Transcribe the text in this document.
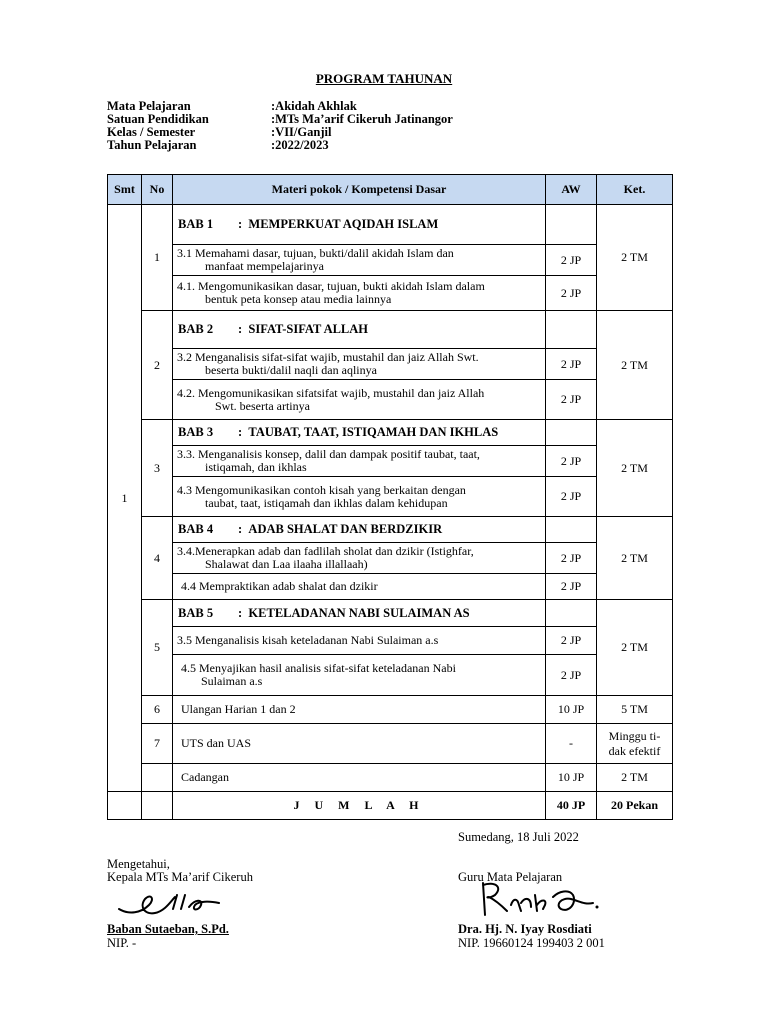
PROGRAM TAHUNAN
Mata Pelajaran	:Akidah Akhlak
Satuan Pendidikan	:MTs Ma’arif Cikeruh Jatinangor
Kelas / Semester	:VII/Ganjil
Tahun Pelajaran	:2022/2023
Smt	No	Materi pokok / Kompetensi Dasar	AW	Ket.
1	1	BAB 1 : MEMPERKUAT AQIDAH ISLAM		2 TM

		3.1 Memahami dasar, tujuan, bukti/dalil akidah Islam dan
manfaat mempelajarinya	2 JP	

		4.1. Mengomunikasikan dasar, tujuan, bukti akidah Islam dalam
bentuk peta konsep atau media lainnya	2 JP	
	2	BAB 2 : SIFAT-SIFAT ALLAH		2 TM

		3.2 Menganalisis sifat-sifat wajib, mustahil dan jaiz Allah Swt.
beserta bukti/dalil naqli dan aqlinya	2 JP	

		4.2. Mengomunikasikan sifatsifat wajib, mustahil dan jaiz Allah
Swt. beserta artinya	2 JP	
	3	BAB 3 : TAUBAT, TAAT, ISTIQAMAH DAN IKHLAS		2 TM

		3.3. Menganalisis konsep, dalil dan dampak positif taubat, taat,
istiqamah, dan ikhlas	2 JP	

		4.3 Mengomunikasikan contoh kisah yang berkaitan dengan
taubat, taat, istiqamah dan ikhlas dalam kehidupan	2 JP	
	4	BAB 4 : ADAB SHALAT DAN BERDZIKIR		2 TM

		3.4.Menerapkan adab dan fadlilah sholat dan dzikir (Istighfar,
Shalawat dan Laa ilaaha illallaah)	2 JP	

		4.4 Mempraktikan adab shalat dan dzikir	2 JP	
	5	BAB 5 : KETELADANAN NABI SULAIMAN AS		2 TM

		3.5 Menganalisis kisah keteladanan Nabi Sulaiman a.s	2 JP	

		4.5 Menyajikan hasil analisis sifat-sifat keteladanan Nabi
Sulaiman a.s	2 JP	
	6	Ulangan Harian 1 dan 2	10 JP	5 TM
	7	UTS dan UAS	-	Minggu ti-dak efektif

		Cadangan	10 JP	2 TM
		J U M L A H	40 JP	20 Pekan
Sumedang, 18 Juli 2022
Mengetahui,
Kepala MTs Ma’arif Cikeruh	Guru Mata Pelajaran
Baban Sutaeban, S.Pd.
NIP. -
Dra. Hj. N. Iyay Rosdiati
NIP. 19660124 199403 2 001
